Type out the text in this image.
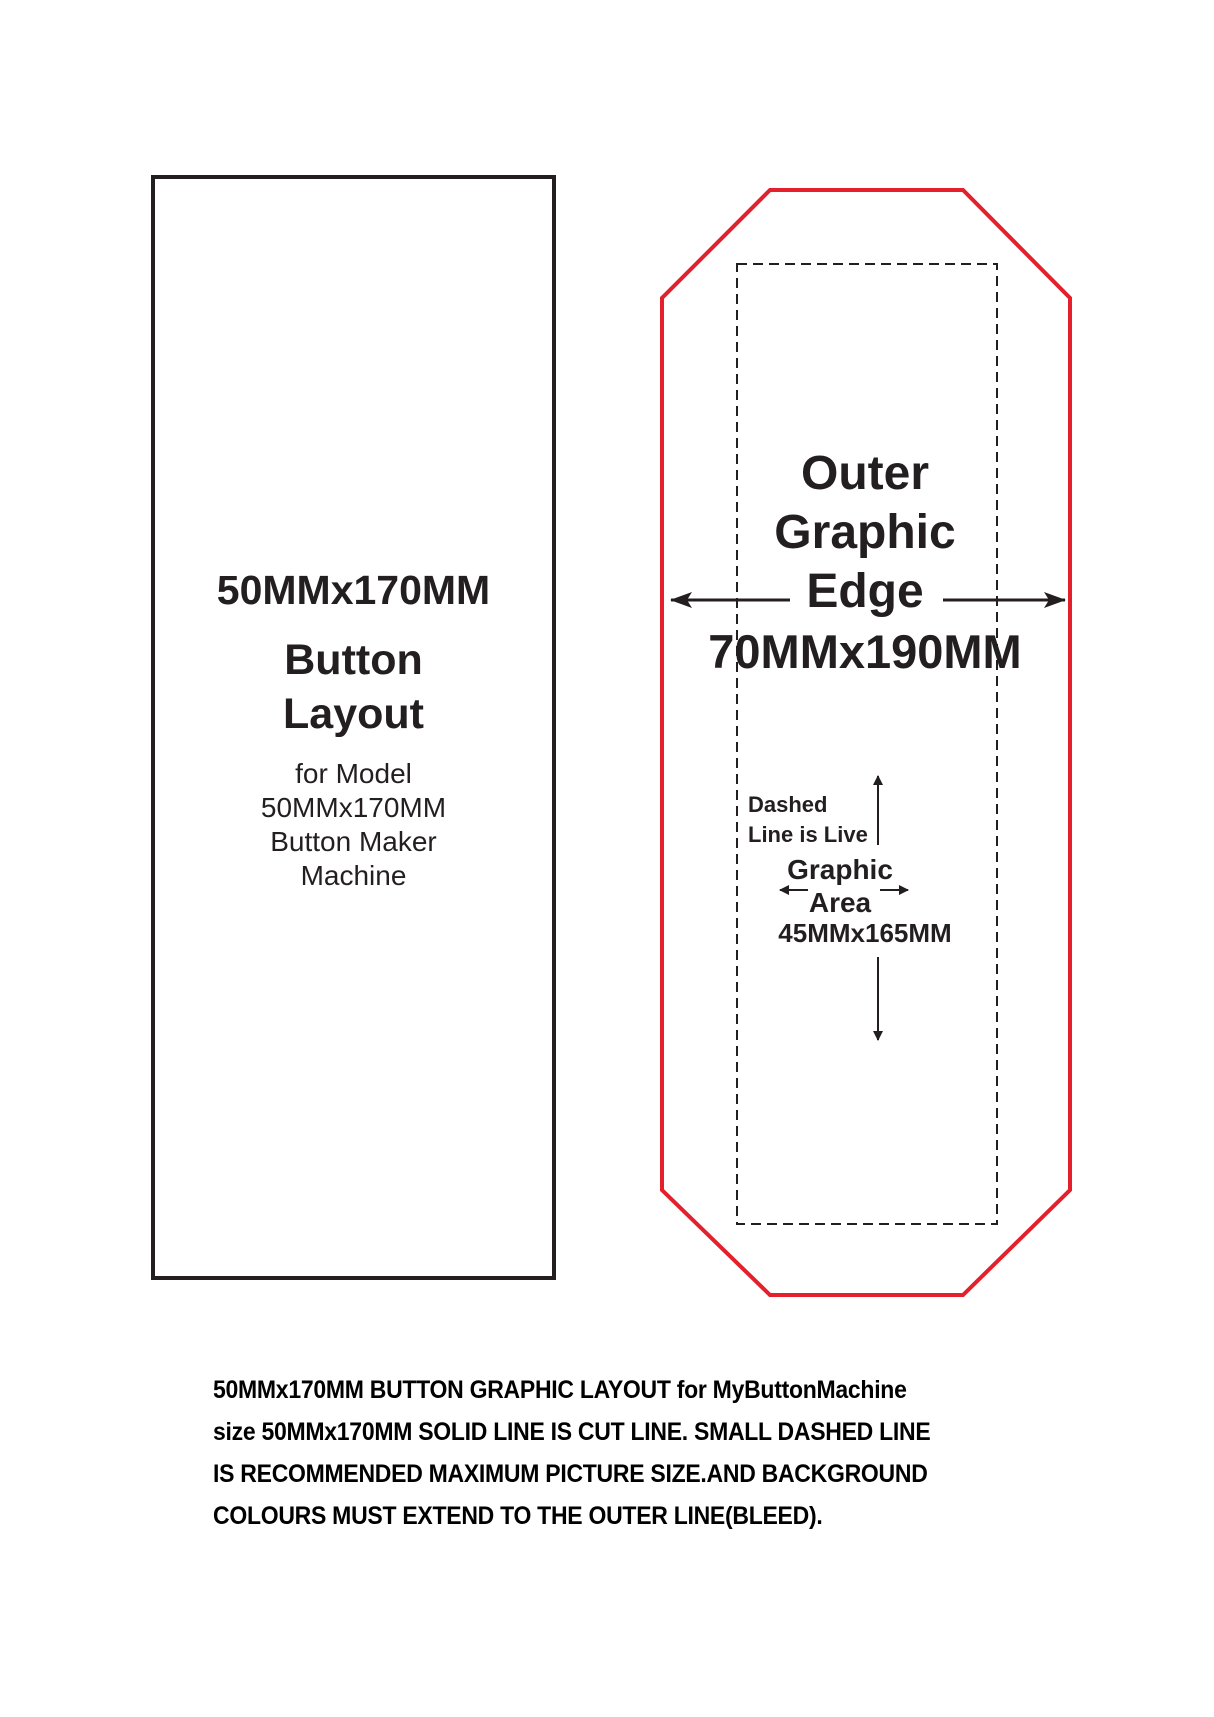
50MMx170MM
Button
Layout
for Model
50MMx170MM
Button Maker
Machine
Outer
Graphic
Edge
70MMx190MM
Dashed
Line is Live
Graphic
Area
45MMx165MM
50MMx170MM BUTTON GRAPHIC LAYOUT for MyButtonMachine
size 50MMx170MM SOLID LINE IS CUT LINE. SMALL DASHED LINE
IS RECOMMENDED MAXIMUM PICTURE SIZE.AND BACKGROUND
COLOURS MUST EXTEND TO THE OUTER LINE(BLEED).
